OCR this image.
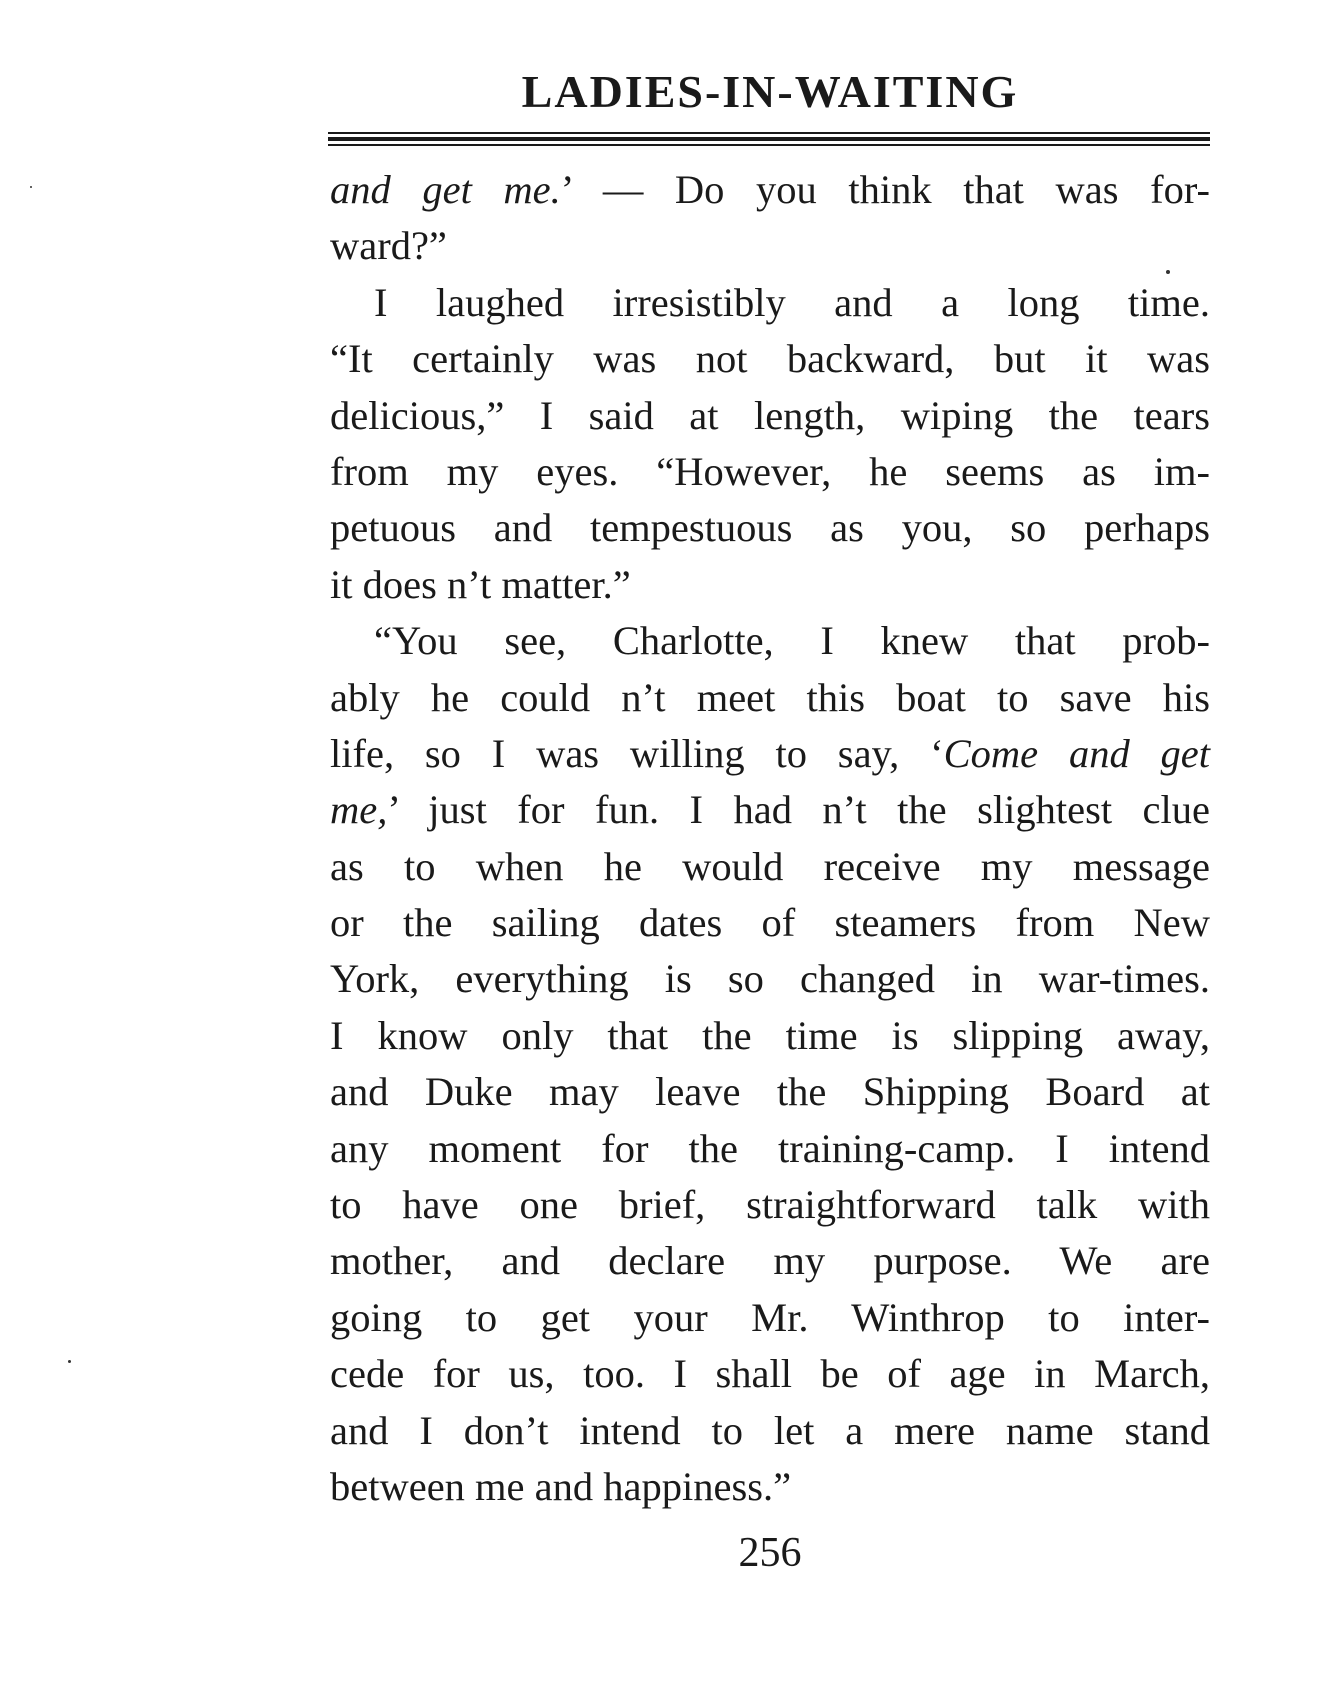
LADIES-IN-WAITING
and get me.’ — Do you think that was for-
ward?”
I laughed irresistibly and a long time.
“It certainly was not backward, but it was
delicious,” I said at length, wiping the tears
from my eyes. “However, he seems as im-
petuous and tempestuous as you, so perhaps
it does n’t matter.”
“You see, Charlotte, I knew that prob-
ably he could n’t meet this boat to save his
life, so I was willing to say, ‘Come and get
me,’ just for fun. I had n’t the slightest clue
as to when he would receive my message
or the sailing dates of steamers from New
York, everything is so changed in war-times.
I know only that the time is slipping away,
and Duke may leave the Shipping Board at
any moment for the training-camp. I intend
to have one brief, straightforward talk with
mother, and declare my purpose. We are
going to get your Mr. Winthrop to inter-
cede for us, too. I shall be of age in March,
and I don’t intend to let a mere name stand
between me and happiness.”
256
